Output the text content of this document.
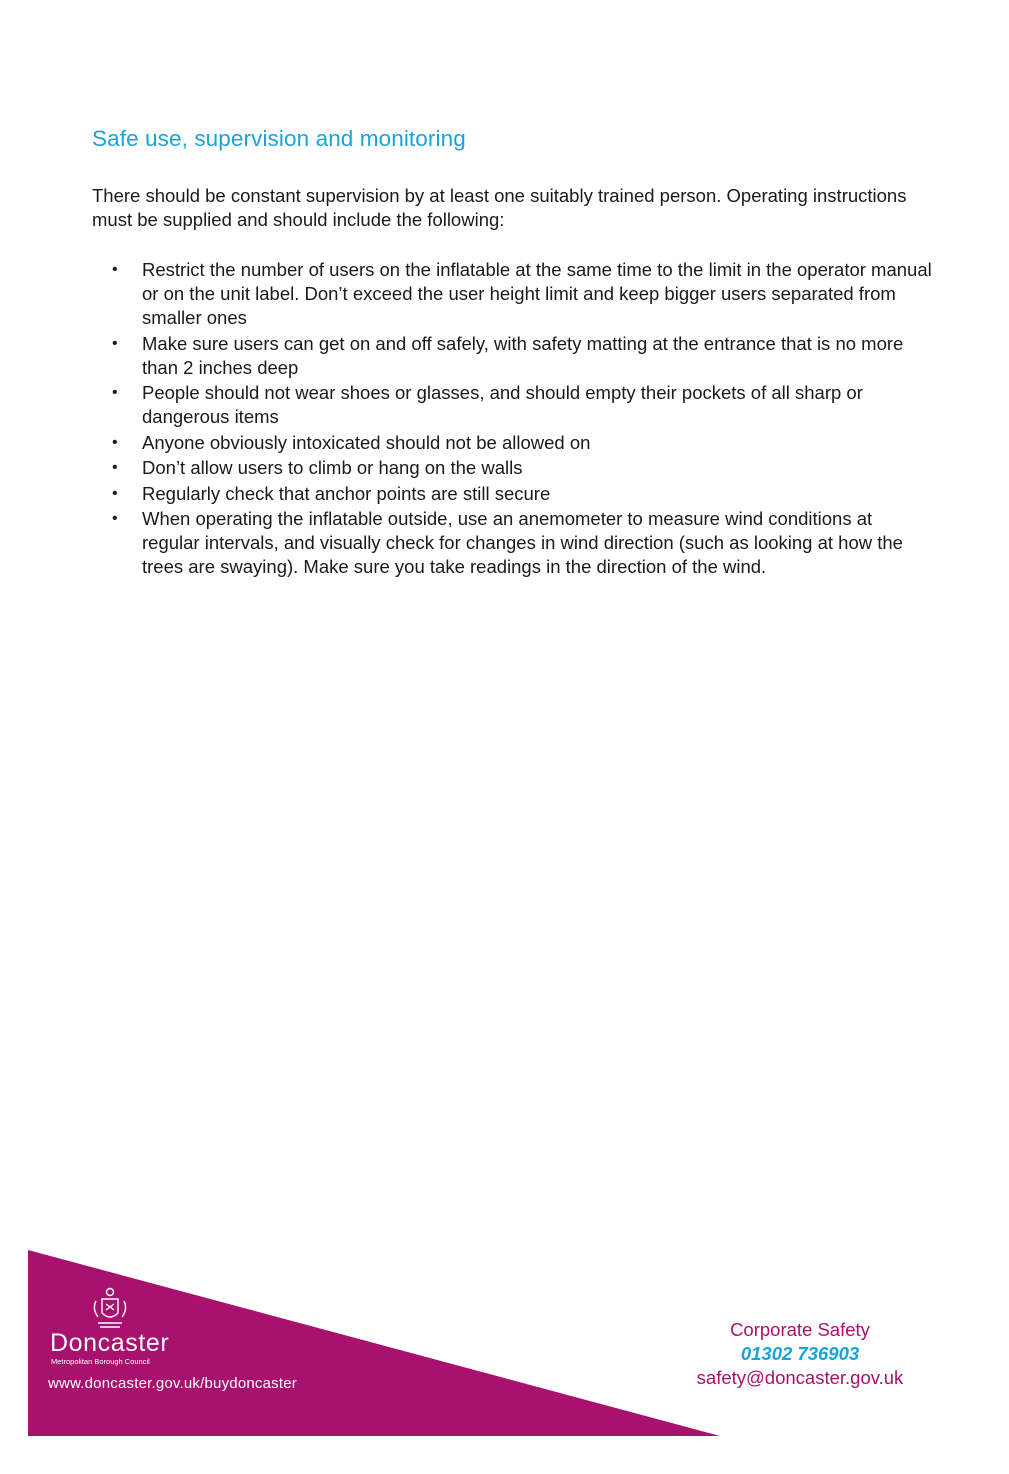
Safe use, supervision and monitoring

There should be constant supervision by at least one suitably trained person. Operating instructions must be supplied and should include the following:

• Restrict the number of users on the inflatable at the same time to the limit in the operator manual or on the unit label. Don’t exceed the user height limit and keep bigger users separated from smaller ones
• Make sure users can get on and off safely, with safety matting at the entrance that is no more than 2 inches deep
• People should not wear shoes or glasses, and should empty their pockets of all sharp or dangerous items
• Anyone obviously intoxicated should not be allowed on
• Don’t allow users to climb or hang on the walls
• Regularly check that anchor points are still secure
• When operating the inflatable outside, use an anemometer to measure wind conditions at regular intervals, and visually check for changes in wind direction (such as looking at how the trees are swaying). Make sure you take readings in the direction of the wind.

Doncaster

Metropolitan Borough Council

www.doncaster.gov.uk/buydoncaster

Corporate Safety
01302 736903
safety@doncaster.gov.uk
